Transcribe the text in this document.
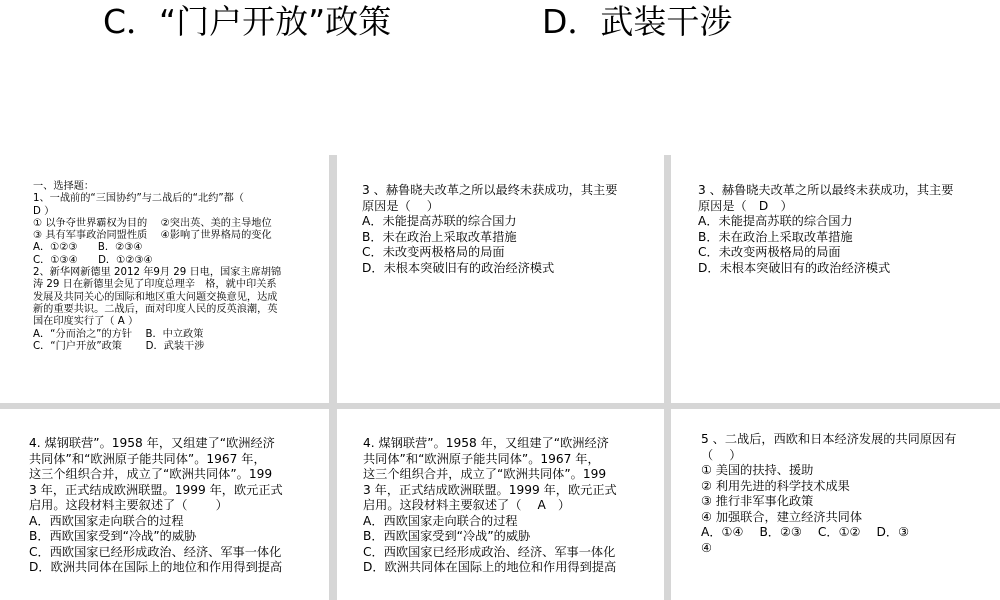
C．“门户开放”政策	D．武装干涉

一、选择题：

1、一战前的“三国协约”与二战后的“北约”都（

D ）

① 以争夺世界霸权为目的　 ②突出英、美的主导地位

③ 具有军事政治同盟性质　 ④影响了世界格局的变化

A．①②③　　B．②③④

C．①③④　　D．①②③④

2、新华网新德里 2012 年9月 29 日电，国家主席胡锦

涛 29 日在新德里会见了印度总理辛　格，就中印关系

发展及共同关心的国际和地区重大问题交换意见，达成

新的重要共识。二战后，面对印度人民的反英浪潮，英

国在印度实行了（ A ）

A．“分而治之”的方针　 B．中立政策

C．“门户开放”政策　　 D．武装干涉

3 、赫鲁晓夫改革之所以最终未获成功，其主要

原因是（　 ）

A．未能提高苏联的综合国力

B．未在政治上采取改革措施

C．未改变两极格局的局面

D．未根本突破旧有的政治经济模式

3 、赫鲁晓夫改革之所以最终未获成功，其主要

原因是（　D　）

A．未能提高苏联的综合国力

B．未在政治上采取改革措施

C．未改变两极格局的局面

D．未根本突破旧有的政治经济模式

4. 煤钢联营”。1958 年，又组建了“欧洲经济

共同体”和“欧洲原子能共同体”。1967 年，

这三个组织合并，成立了“欧洲共同体”。199

3 年，正式结成欧洲联盟。1999 年，欧元正式

启用。这段材料主要叙述了（　　 ）

A．西欧国家走向联合的过程

B．西欧国家受到“冷战”的威胁

C．西欧国家已经形成政治、经济、军事一体化

D．欧洲共同体在国际上的地位和作用得到提高

4. 煤钢联营”。1958 年，又组建了“欧洲经济

共同体”和“欧洲原子能共同体”。1967 年，

这三个组织合并，成立了“欧洲共同体”。199

3 年，正式结成欧洲联盟。1999 年，欧元正式

启用。这段材料主要叙述了（　 A　）

A．西欧国家走向联合的过程

B．西欧国家受到“冷战”的威胁

C．西欧国家已经形成政治、经济、军事一体化

D．欧洲共同体在国际上的地位和作用得到提高

5 、二战后，西欧和日本经济发展的共同原因有

（　 ）

① 美国的扶持、援助

② 利用先进的科学技术成果

③ 推行非军事化政策

④ 加强联合，建立经济共同体

A．①④　 B．②③　 C．①②　 D．③

④
